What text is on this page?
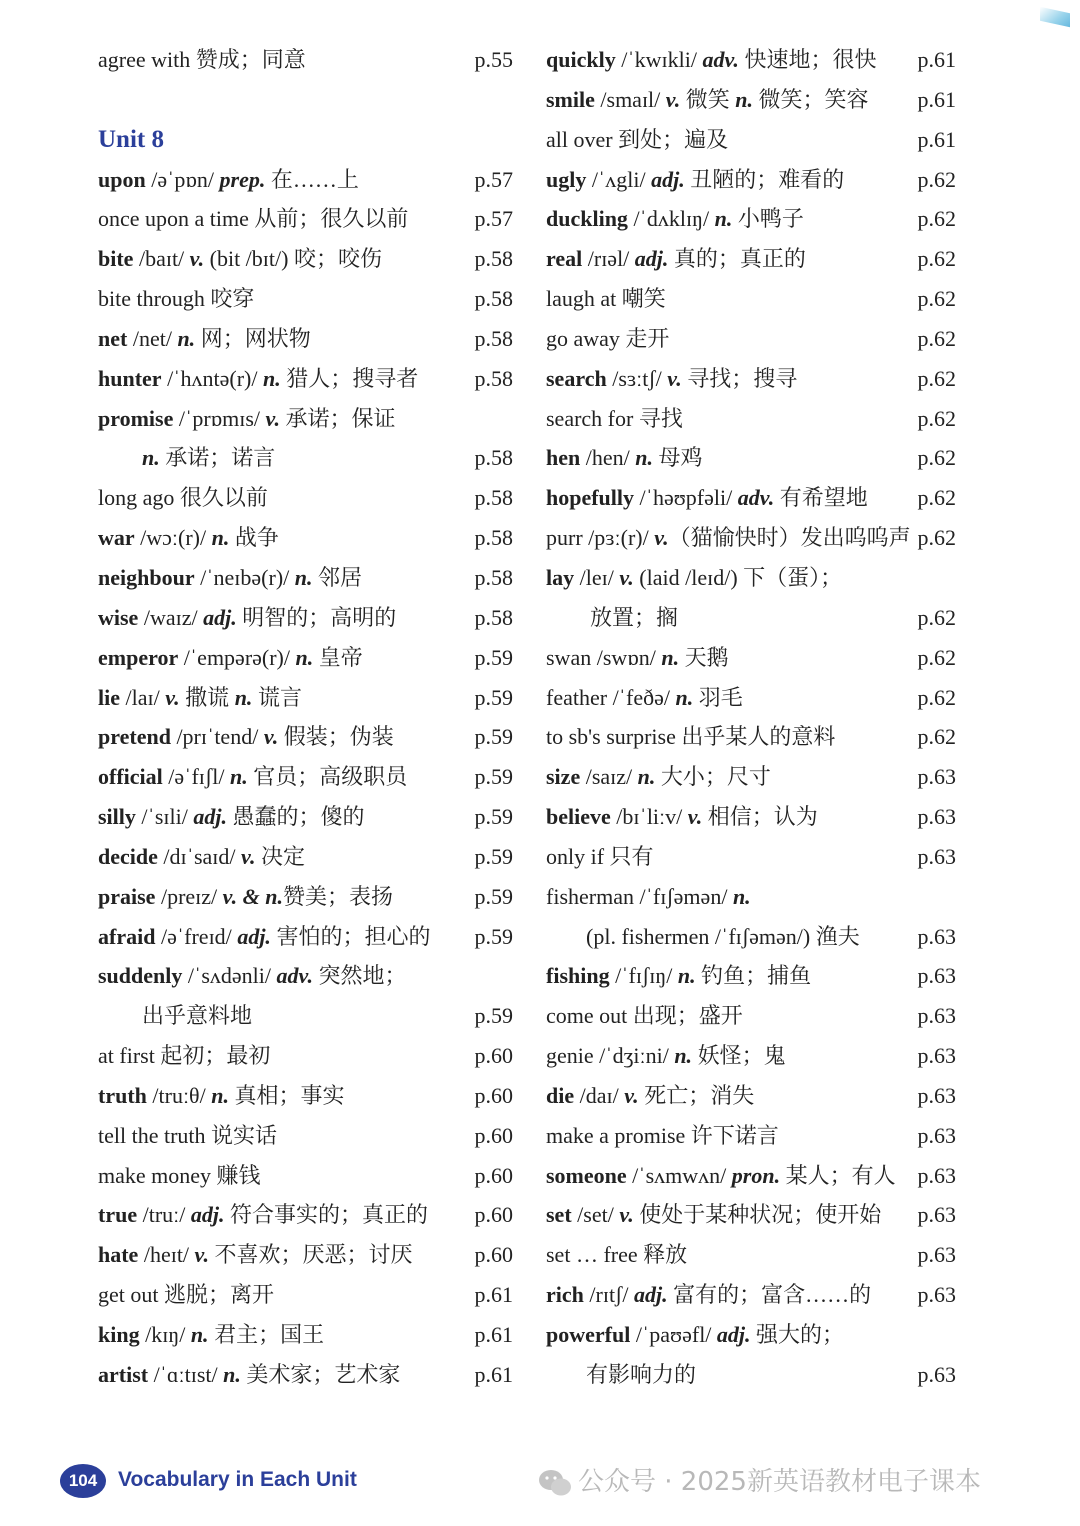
agree with 赞成；同意	p.55
Unit 8
upon /əˈpɒn/ prep. 在……上	p.57
once upon a time 从前；很久以前	p.57
bite /baɪt/ v. (bit /bɪt/) 咬；咬伤	p.58
bite through 咬穿	p.58
net /net/ n. 网；网状物	p.58
hunter /ˈhʌntə(r)/ n. 猎人；搜寻者	p.58
promise /ˈprɒmɪs/ v. 承诺；保证
n. 承诺；诺言	p.58
long ago 很久以前	p.58
war /wɔː(r)/ n. 战争	p.58
neighbour /ˈneɪbə(r)/ n. 邻居	p.58
wise /waɪz/ adj. 明智的；高明的	p.58
emperor /ˈempərə(r)/ n. 皇帝	p.59
lie /laɪ/ v. 撒谎 n. 谎言	p.59
pretend /prɪˈtend/ v. 假装；伪装	p.59
official /əˈfɪʃl/ n. 官员；高级职员	p.59
silly /ˈsɪli/ adj. 愚蠢的；傻的	p.59
decide /dɪˈsaɪd/ v. 决定	p.59
praise /preɪz/ v. & n.赞美；表扬	p.59
afraid /əˈfreɪd/ adj. 害怕的；担心的 p.59
suddenly /ˈsʌdənli/ adv. 突然地；
出乎意料地	p.59
at first 起初；最初	p.60
truth /truːθ/ n. 真相；事实	p.60
tell the truth 说实话	p.60
make money 赚钱	p.60
true /truː/ adj. 符合事实的；真正的 p.60
hate /heɪt/ v. 不喜欢；厌恶；讨厌	p.60
get out 逃脱；离开	p.61
king /kɪŋ/ n. 君主；国王	p.61
artist /ˈɑːtɪst/ n. 美术家；艺术家	p.61
quickly /ˈkwɪkli/ adv. 快速地；很快 p.61
smile /smaɪl/ v. 微笑 n. 微笑；笑容 p.61
all over 到处；遍及	p.61
ugly /ˈʌgli/ adj. 丑陋的；难看的	p.62
duckling /ˈdʌklɪŋ/ n. 小鸭子	p.62
real /rɪəl/ adj. 真的；真正的	p.62
laugh at 嘲笑	p.62
go away 走开	p.62
search /sɜːtʃ/ v. 寻找；搜寻	p.62
search for 寻找	p.62
hen /hen/ n. 母鸡	p.62
hopefully /ˈhəʊpfəli/ adv. 有希望地 p.62
purr /pɜː(r)/ v.（猫愉快时）发出呜呜声 p.62
lay /leɪ/ v. (laid /leɪd/) 下（蛋）；
放置；搁	p.62
swan /swɒn/ n. 天鹅	p.62
feather /ˈfeðə/ n. 羽毛	p.62
to sb's surprise 出乎某人的意料	p.62
size /saɪz/ n. 大小；尺寸	p.63
believe /bɪˈliːv/ v. 相信；认为	p.63
only if 只有	p.63
fisherman /ˈfɪʃəmən/ n.
(pl. fishermen /ˈfɪʃəmən/) 渔夫	p.63
fishing /ˈfɪʃɪŋ/ n. 钓鱼；捕鱼	p.63
come out 出现；盛开	p.63
genie /ˈdʒiːni/ n. 妖怪；鬼	p.63
die /daɪ/ v. 死亡；消失	p.63
make a promise 许下诺言	p.63
someone /ˈsʌmwʌn/ pron. 某人；有人 p.63
set /set/ v. 使处于某种状况；使开始 p.63
set … free 释放	p.63
rich /rɪtʃ/ adj. 富有的；富含……的 p.63
powerful /ˈpaʊəfl/ adj. 强大的；
有影响力的	p.63
104 Vocabulary in Each Unit	公众号 · 2025新英语教材电子课本
